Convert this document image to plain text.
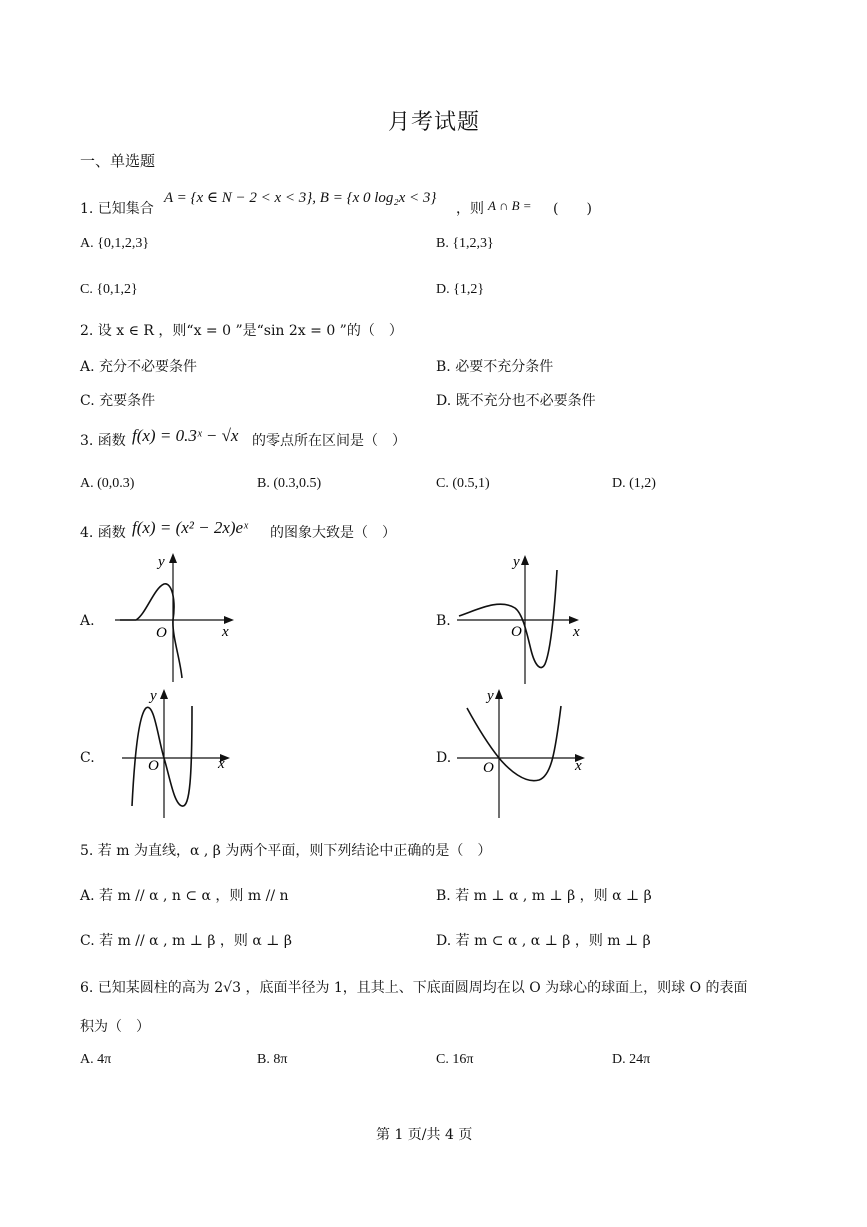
月考试题
一、单选题
1. 已知集合
A = {x ∈ N − 2 < x < 3}, B = {x 0 log₂x < 3}
，则 A ∩ B = (　　)
A. {0,1,2,3}	B. {1,2,3}
C. {0,1,2}	D. {1,2}
2. 设 x ∈ R ，则“x = 0 ”是“sin 2x = 0 ”的（　）
A. 充分不必要条件	B. 必要不充分条件
C. 充要条件	D. 既不充分也不必要条件
3. 函数 f(x) = 0.3ˣ − √x 的零点所在区间是（　）
A. (0,0.3)	B. (0.3,0.5)	C. (0.5,1)	D. (1,2)
4. 函数 f(x) = (x² − 2x)eˣ 的图象大致是（　）
A.	B.
C.	D.
y
x
O
y
x
O
y
x
O
y
x
O
5. 若 m 为直线，α , β 为两个平面，则下列结论中正确的是（　）
A. 若 m // α , n ⊂ α ，则 m // n	B. 若 m ⊥ α , m ⊥ β ，则 α ⊥ β
C. 若 m // α , m ⊥ β ，则 α ⊥ β	D. 若 m ⊂ α , α ⊥ β ，则 m ⊥ β
6. 已知某圆柱的高为 2√3 ，底面半径为 1，且其上、下底面圆周均在以 O 为球心的球面上，则球 O 的表面
积为（　）
A. 4π	B. 8π	C. 16π	D. 24π
第 1 页/共 4 页
